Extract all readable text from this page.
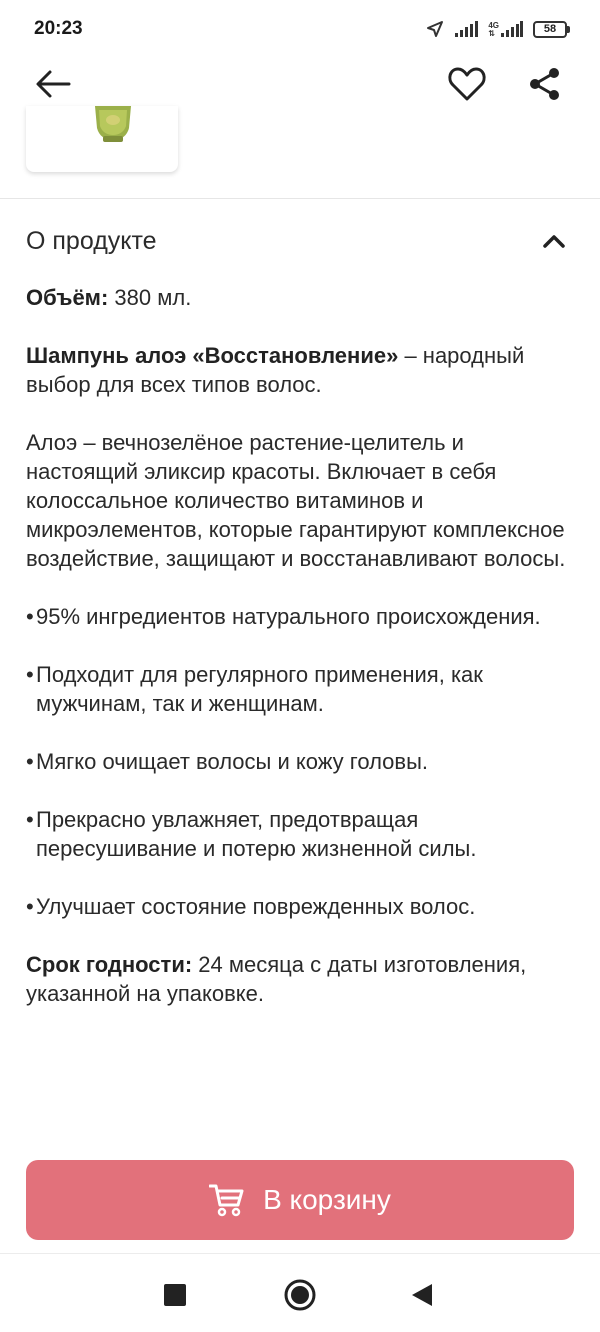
20:23	4G
⇅	58
О продукте

Объём: 380 мл.

Шампунь алоэ «Восстановление» – народный выбор для всех типов волос.

Алоэ – вечнозелёное растение-целитель и настоящий эликсир красоты. Включает в себя колоссальное количество витаминов и микроэлементов, которые гарантируют комплексное воздействие, защищают и восстанавливают волосы.

• 95% ингредиентов натурального происхождения.

• Подходит для регулярного применения, как мужчинам, так и женщинам.

• Мягко очищает волосы и кожу головы.

• Прекрасно увлажняет, предотвращая пересушивание и потерю жизненной силы.

• Улучшает состояние поврежденных волос.

Срок годности: 24 месяца с даты изготовления, указанной на упаковке.

В корзину
